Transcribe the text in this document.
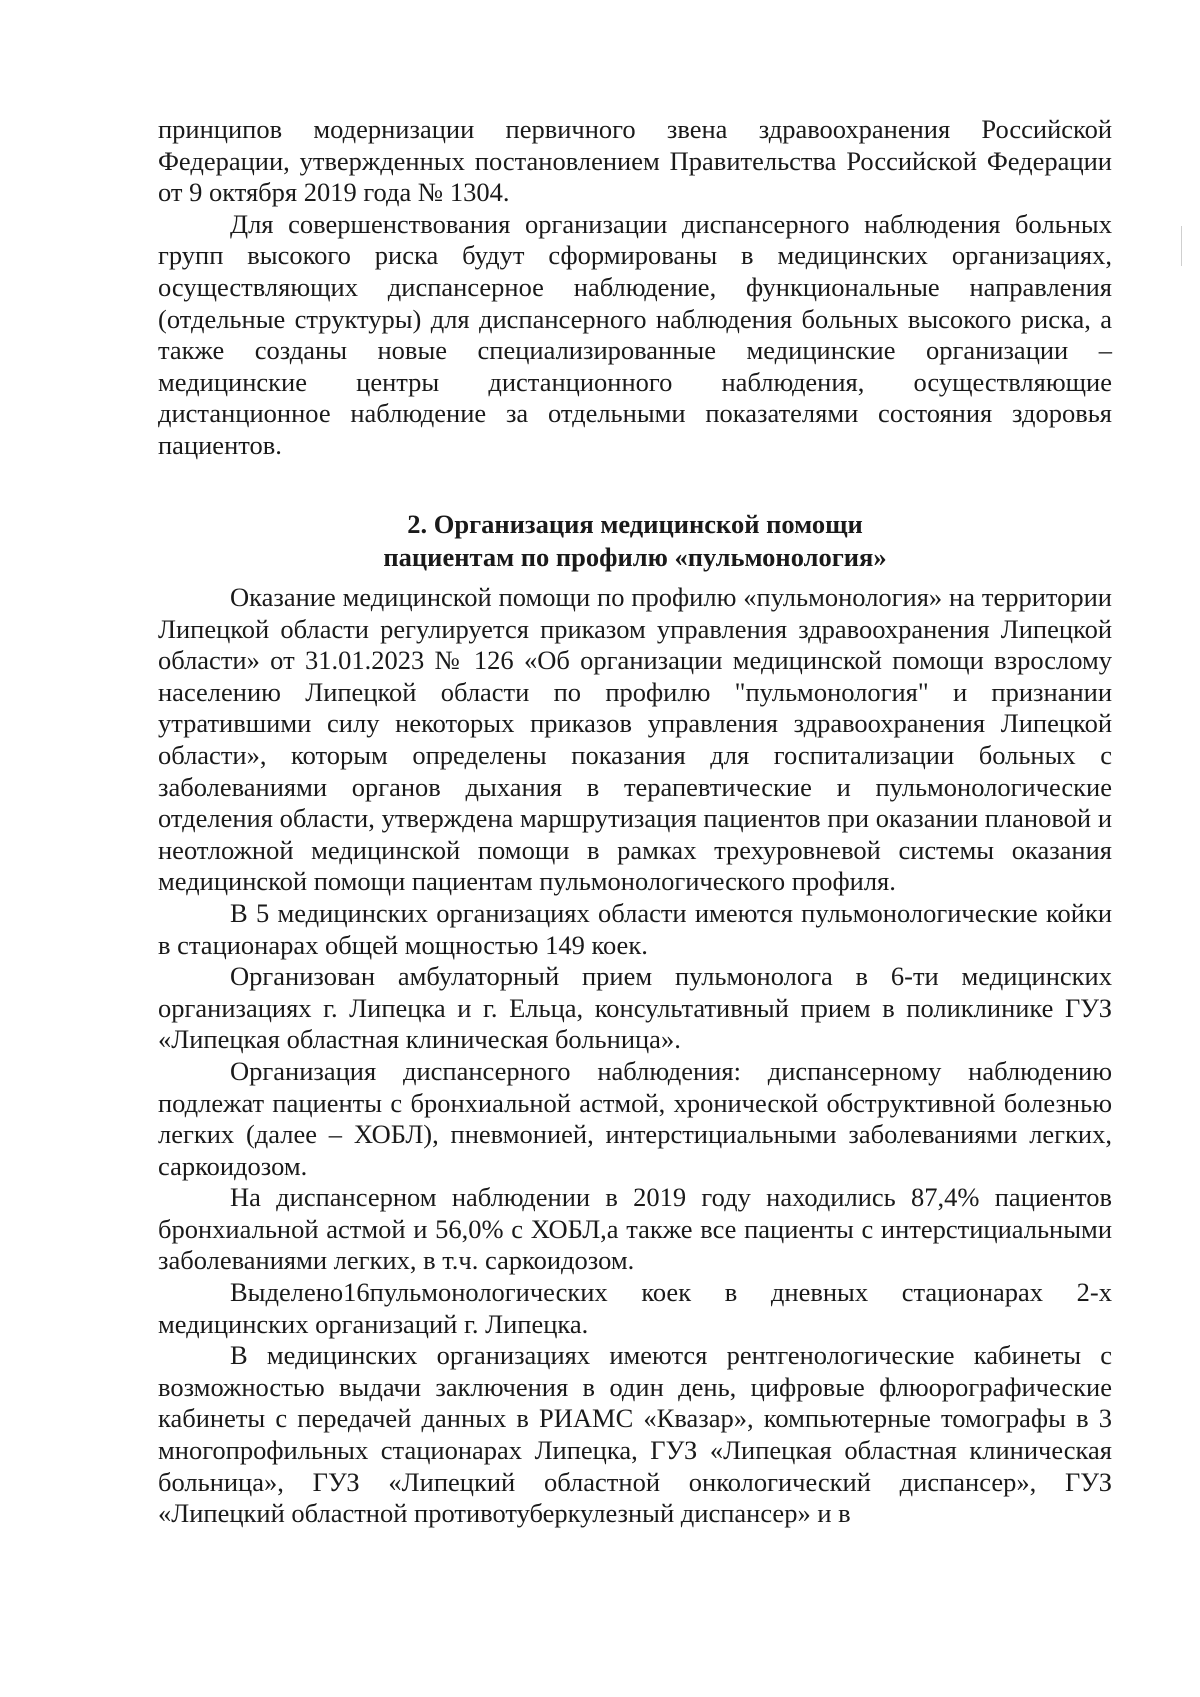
принципов модернизации первичного звена здравоохранения Российской Федерации, утвержденных постановлением Правительства Российской Федерации от 9 октября 2019 года № 1304.

Для совершенствования организации диспансерного наблюдения больных групп высокого риска будут сформированы в медицинских организациях, осуществляющих диспансерное наблюдение, функциональные направления (отдельные структуры) для диспансерного наблюдения больных высокого риска, а также созданы новые специализированные медицинские организации – медицинские центры дистанционного наблюдения, осуществляющие дистанционное наблюдение за отдельными показателями состояния здоровья пациентов.

2. Организация медицинской помощи
пациентам по профилю «пульмонология»

Оказание медицинской помощи по профилю «пульмонология» на территории Липецкой области регулируется приказом управления здравоохранения Липецкой области» от 31.01.2023 № 126 «Об организации медицинской помощи взрослому населению Липецкой области по профилю "пульмонология" и признании утратившими силу некоторых приказов управления здравоохранения Липецкой области», которым определены показания для госпитализации больных с заболеваниями органов дыхания в терапевтические и пульмонологические отделения области, утверждена маршрутизация пациентов при оказании плановой и неотложной медицинской помощи в рамках трехуровневой системы оказания медицинской помощи пациентам пульмонологического профиля.

В 5 медицинских организациях области имеются пульмонологические койки в стационарах общей мощностью 149 коек.

Организован амбулаторный прием пульмонолога в 6-ти медицинских организациях г. Липецка и г. Ельца, консультативный прием в поликлинике ГУЗ «Липецкая областная клиническая больница».

Организация диспансерного наблюдения: диспансерному наблюдению подлежат пациенты с бронхиальной астмой, хронической обструктивной болезнью легких (далее – ХОБЛ), пневмонией, интерстициальными заболеваниями легких, саркоидозом.

На диспансерном наблюдении в 2019 году находились 87,4% пациентов бронхиальной астмой и 56,0% с ХОБЛ,а также все пациенты с интерстициальными заболеваниями легких, в т.ч. саркоидозом.

Выделено16пульмонологических коек в дневных стационарах 2-х медицинских организаций г. Липецка.

В медицинских организациях имеются рентгенологические кабинеты с возможностью выдачи заключения в один день, цифровые флюорографические кабинеты с передачей данных в РИАМС «Квазар», компьютерные томографы в 3 многопрофильных стационарах Липецка, ГУЗ «Липецкая областная клиническая больница», ГУЗ «Липецкий областной онкологический диспансер», ГУЗ «Липецкий областной противотуберкулезный диспансер» и в
